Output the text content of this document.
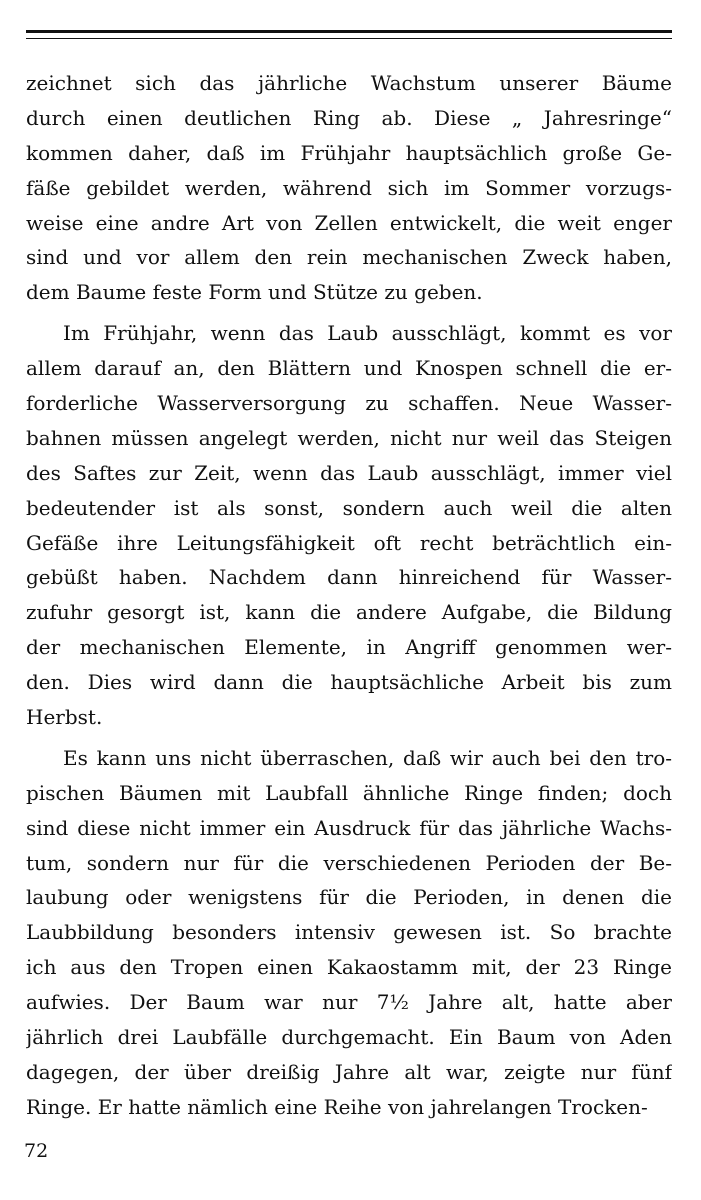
zeichnet sich das jährliche Wachstum unserer Bäume
durch einen deutlichen Ring ab. Diese „ Jahresringe“
kommen daher, daß im Frühjahr hauptsächlich große Ge-
fäße gebildet werden, während sich im Sommer vorzugs-
weise eine andre Art von Zellen entwickelt, die weit enger
sind und vor allem den rein mechanischen Zweck haben,
dem Baume feste Form und Stütze zu geben.
Im Frühjahr, wenn das Laub ausschlägt, kommt es vor
allem darauf an, den Blättern und Knospen schnell die er-
forderliche Wasserversorgung zu schaffen. Neue Wasser-
bahnen müssen angelegt werden, nicht nur weil das Steigen
des Saftes zur Zeit, wenn das Laub ausschlägt, immer viel
bedeutender ist als sonst, sondern auch weil die alten
Gefäße ihre Leitungsfähigkeit oft recht beträchtlich ein-
gebüßt haben. Nachdem dann hinreichend für Wasser-
zufuhr gesorgt ist, kann die andere Aufgabe, die Bildung
der mechanischen Elemente, in Angriff genommen wer-
den. Dies wird dann die hauptsächliche Arbeit bis zum
Herbst.
Es kann uns nicht überraschen, daß wir auch bei den tro-
pischen Bäumen mit Laubfall ähnliche Ringe finden; doch
sind diese nicht immer ein Ausdruck für das jährliche Wachs-
tum, sondern nur für die verschiedenen Perioden der Be-
laubung oder wenigstens für die Perioden, in denen die
Laubbildung besonders intensiv gewesen ist. So brachte
ich aus den Tropen einen Kakaostamm mit, der 23 Ringe
aufwies. Der Baum war nur 7½ Jahre alt, hatte aber
jährlich drei Laubfälle durchgemacht. Ein Baum von Aden
dagegen, der über dreißig Jahre alt war, zeigte nur fünf
Ringe. Er hatte nämlich eine Reihe von jahrelangen Trocken-
72
